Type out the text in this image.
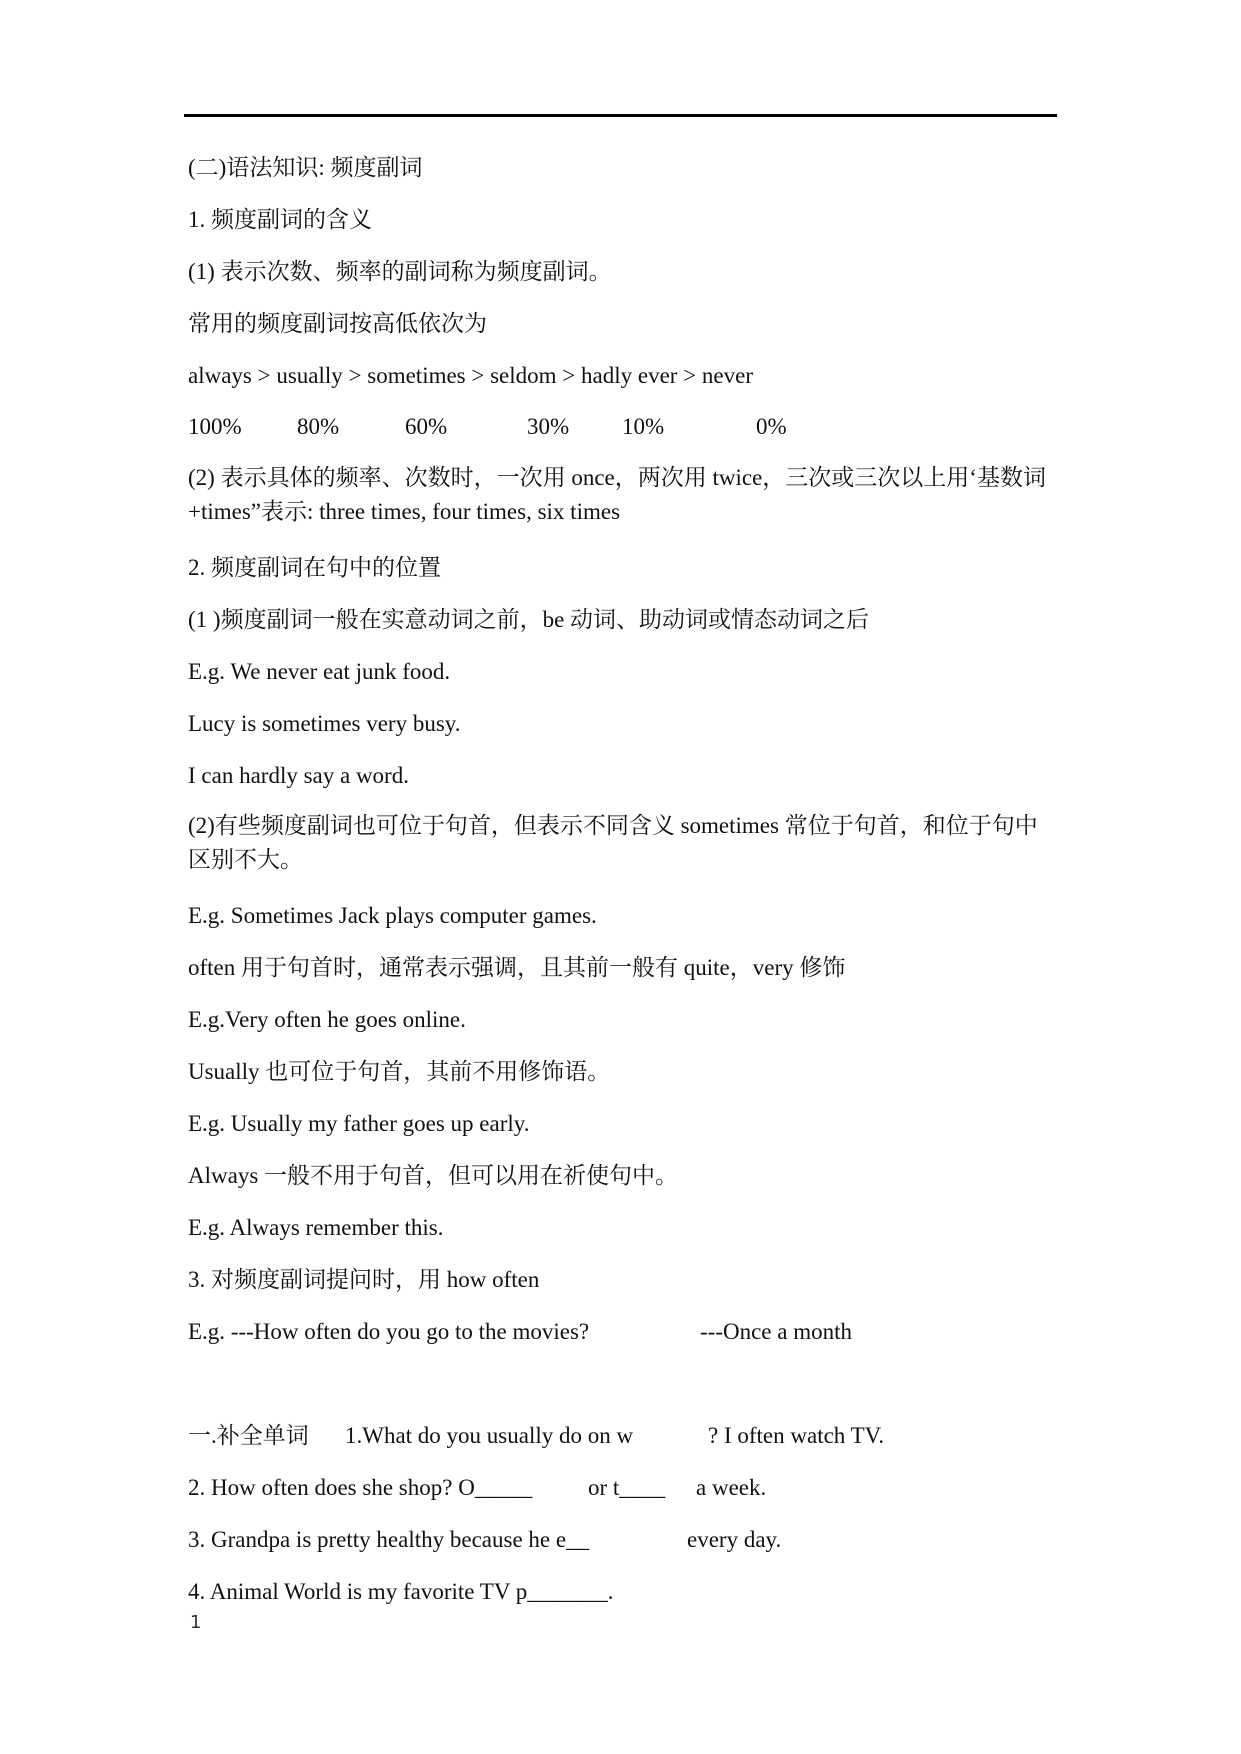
(二)语法知识: 频度副词
1. 频度副词的含义
(1) 表示次数、频率的副词称为频度副词。
常用的频度副词按高低依次为
always > usually > sometimes > seldom > hadly ever > never
100% 80%	60%	30% 10%	0%
(2) 表示具体的频率、次数时，一次用 once，两次用 twice，三次或三次以上用‘基数词+times”表示: three times, four times, six times
2. 频度副词在句中的位置
(1 )频度副词一般在实意动词之前，be 动词、助动词或情态动词之后
E.g. We never eat junk food.
Lucy is sometimes very busy.
I can hardly say a word.
(2)有些频度副词也可位于句首，但表示不同含义 sometimes 常位于句首，和位于句中区别不大。
E.g. Sometimes Jack plays computer games.
often 用于句首时，通常表示强调，且其前一般有 quite，very 修饰
E.g.Very often he goes online.
Usually 也可位于句首，其前不用修饰语。
E.g. Usually my father goes up early.
Always 一般不用于句首，但可以用在祈使句中。
E.g. Always remember this.
3. 对频度副词提问时，用 how often
E.g. ---How often do you go to the movies?	---Once a month
一.补全单词 1.What do you usually do on w	? I often watch TV.
2. How often does she shop? O_____ or t____ a week.
3. Grandpa is pretty healthy because he e__	every day.
4. Animal World is my favorite TV p_______.
1
